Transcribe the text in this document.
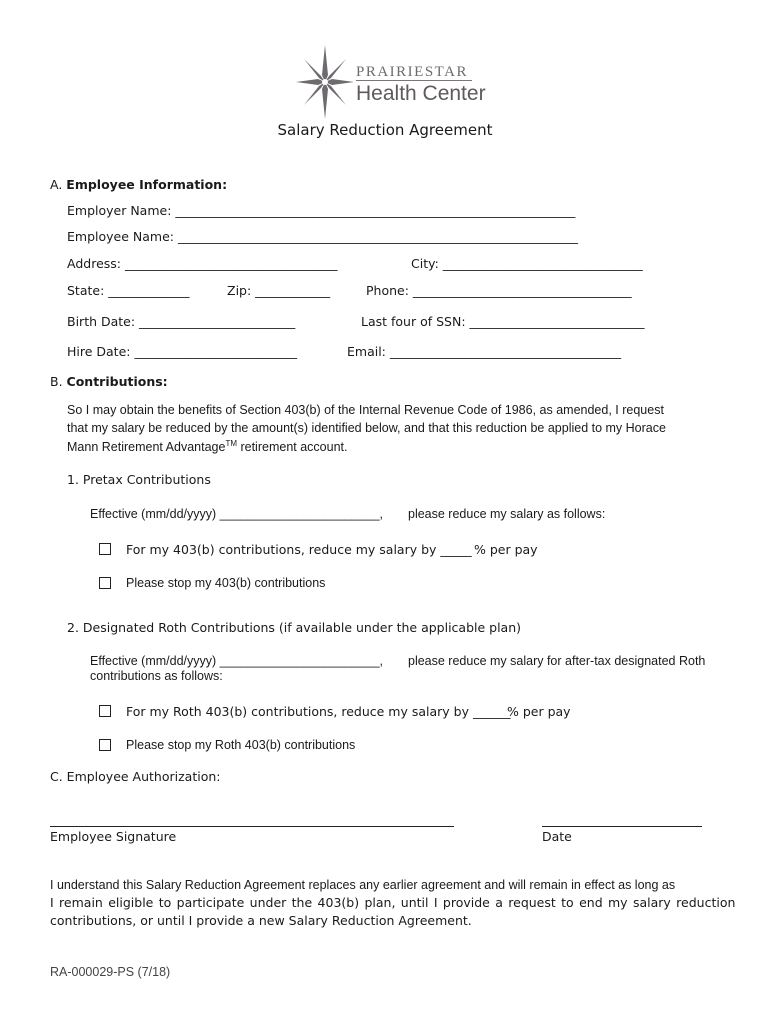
PRAIRIESTAR
Health Center
Salary Reduction Agreement
A. Employee Information:
Employer Name: ________________________________________________________________
Employee Name: ________________________________________________________________
Address: __________________________________	City: ________________________________
State: _____________	Zip: ____________	Phone: ___________________________________
Birth Date: _________________________	Last four of SSN: ____________________________
Hire Date: __________________________	Email: _____________________________________
B. Contributions:
So I may obtain the benefits of Section 403(b) of the Internal Revenue Code of 1986, as amended, I request
that my salary be reduced by the amount(s) identified below, and that this reduction be applied to my Horace
Mann Retirement Advantage™ retirement account.
1. Pretax Contributions
Effective (mm/dd/yyyy) _______________________, please reduce my salary as follows:
For my 403(b) contributions, reduce my salary by _____ % per pay
Please stop my 403(b) contributions
2. Designated Roth Contributions (if available under the applicable plan)
Effective (mm/dd/yyyy) _______________________, please reduce my salary for after-tax designated Roth
contributions as follows:
For my Roth 403(b) contributions, reduce my salary by ______
% per pay
Please stop my Roth 403(b) contributions
C. Employee Authorization:
Employee Signature	Date
I understand this Salary Reduction Agreement replaces any earlier agreement and will remain in effect as long as
I remain eligible to participate under the 403(b) plan, until I provide a request to end my salary reduction
contributions, or until I provide a new Salary Reduction Agreement.
RA-000029-PS (7/18)
